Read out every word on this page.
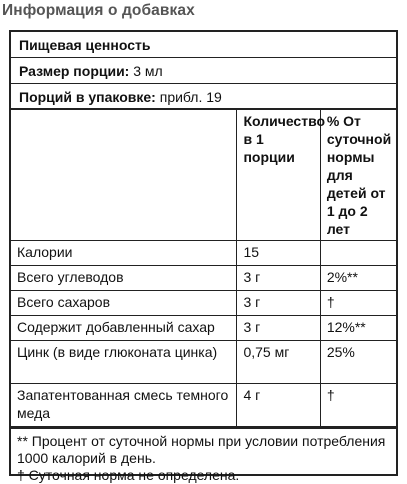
Информация о добавках
Пищевая ценность
Размер порции: 3 мл
Порций в упаковке: прибл. 19
	Количество в 1 порции	% От суточной нормы для детей от 1 до 2 лет
Калории	15	
Всего углеводов	3 г	2%**
Всего сахаров	3 г	†
Содержит добавленный сахар	3 г	12%**
Цинк (в виде глюконата цинка)	0,75 мг	25%
Запатентованная смесь темного меда	4 г	†
** Процент от суточной нормы при условии потребления 1000 калорий в день.
† Суточная норма не определена.
